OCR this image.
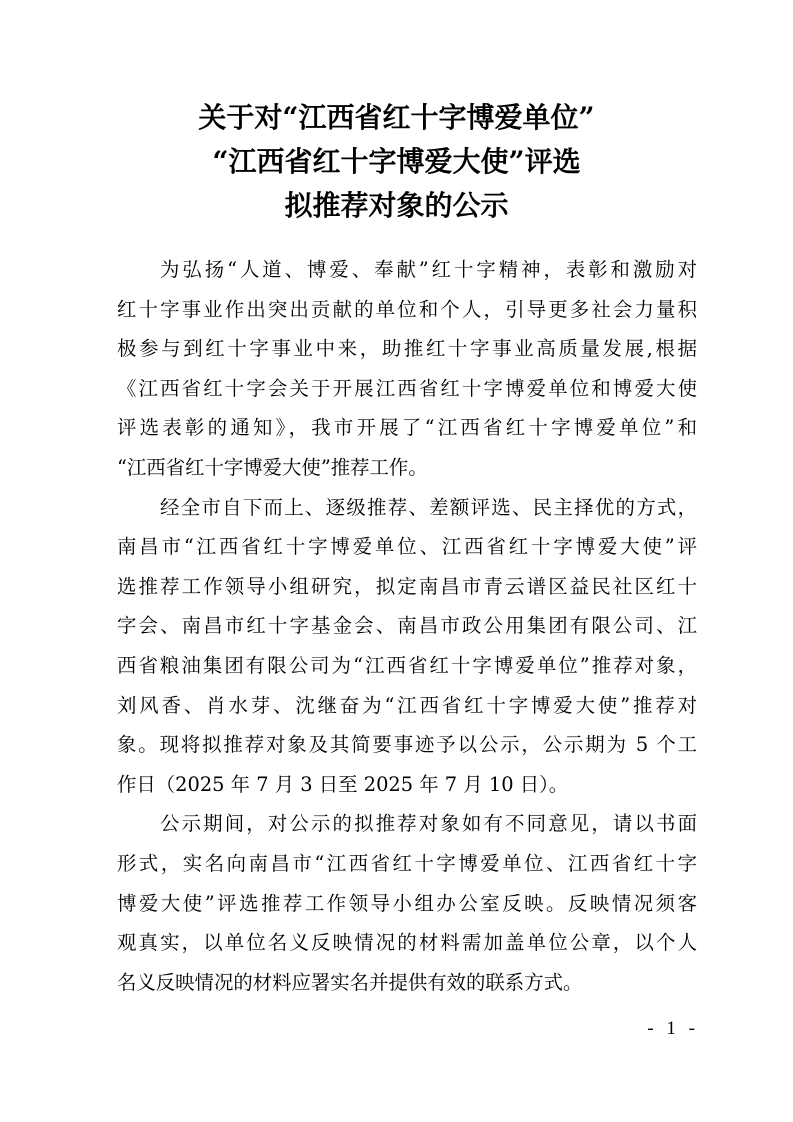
关于对“江西省红十字博爱单位”
“江西省红十字博爱大使”评选
拟推荐对象的公示
为弘扬“人道、博爱、奉献”红十字精神，表彰和激励对
红十字事业作出突出贡献的单位和个人，引导更多社会力量积
极参与到红十字事业中来，助推红十字事业高质量发展,根据
《江西省红十字会关于开展江西省红十字博爱单位和博爱大使
评选表彰的通知》，我市开展了“江西省红十字博爱单位”和
“江西省红十字博爱大使”推荐工作。
经全市自下而上、逐级推荐、差额评选、民主择优的方式，
南昌市“江西省红十字博爱单位、江西省红十字博爱大使”评
选推荐工作领导小组研究，拟定南昌市青云谱区益民社区红十
字会、南昌市红十字基金会、南昌市政公用集团有限公司、江
西省粮油集团有限公司为“江西省红十字博爱单位”推荐对象，
刘风香、肖水芽、沈继奋为“江西省红十字博爱大使”推荐对
象。现将拟推荐对象及其简要事迹予以公示，公示期为 5 个工
作日（2025 年 7 月 3 日至 2025 年 7 月 10 日）。
公示期间，对公示的拟推荐对象如有不同意见，请以书面
形式，实名向南昌市“江西省红十字博爱单位、江西省红十字
博爱大使”评选推荐工作领导小组办公室反映。反映情况须客
观真实，以单位名义反映情况的材料需加盖单位公章，以个人
名义反映情况的材料应署实名并提供有效的联系方式。
- 1 -
